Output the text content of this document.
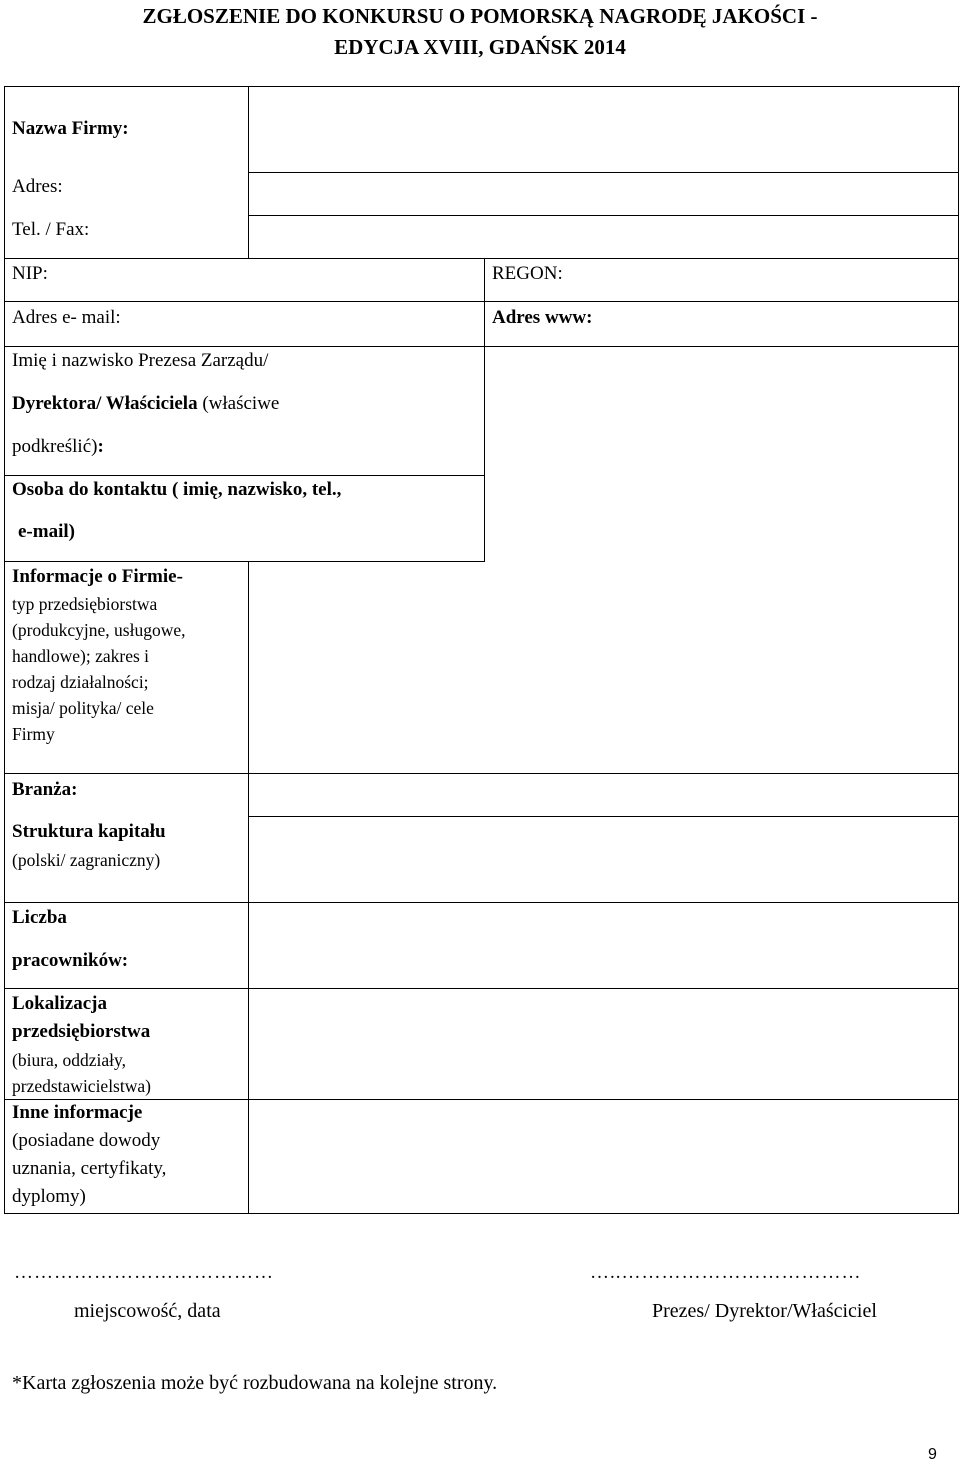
ZGŁOSZENIE DO KONKURSU O POMORSKĄ NAGRODĘ JAKOŚCI -
EDYCJA XVIII, GDAŃSK 2014
Nazwa Firmy:
Adres:
Tel. / Fax:
NIP:	REGON:
Adres e- mail:	Adres www:
Imię i nazwisko Prezesa Zarządu/
Dyrektora/ Właściciela (właściwe
podkreślić):
Osoba do kontaktu ( imię, nazwisko, tel.,
e-mail)
Informacje o Firmie-
typ przedsiębiorstwa
(produkcyjne, usługowe,
handlowe); zakres i
rodzaj działalności;
misja/ polityka/ cele
Firmy
Branża:
Struktura kapitału
(polski/ zagraniczny)
Liczba
pracowników:
Lokalizacja
przedsiębiorstwa
(biura, oddziały,
przedstawicielstwa)
Inne informacje
(posiadane dowody
uznania, certyfikaty,
dyplomy)
…………………………………	…..………………………………
miejscowość, data	Prezes/ Dyrektor/Właściciel
*Karta zgłoszenia może być rozbudowana na kolejne strony.
9
